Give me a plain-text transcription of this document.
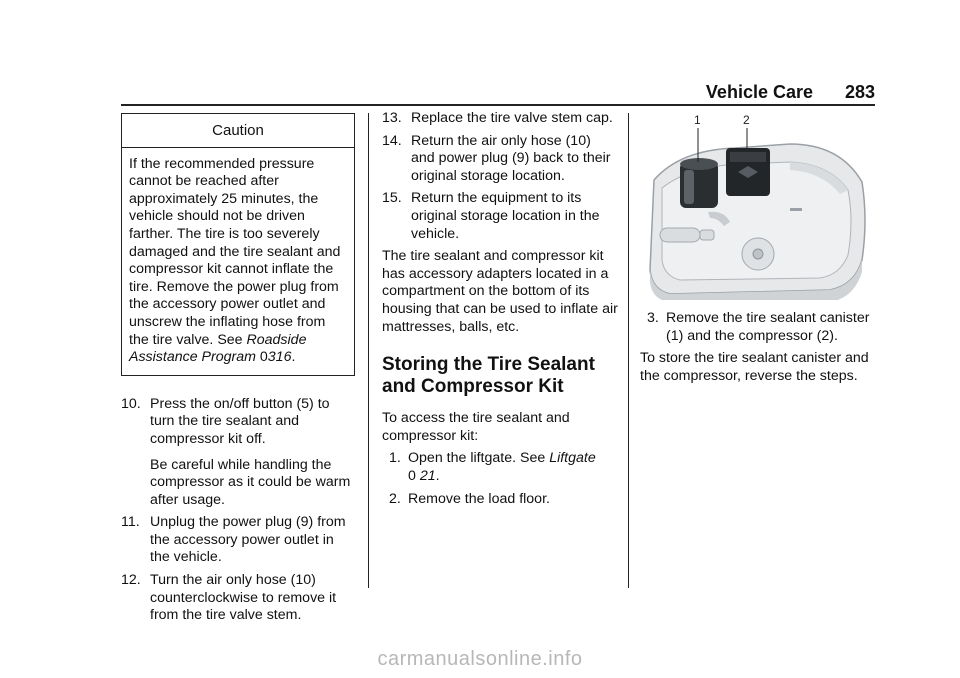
Vehicle Care 283
Caution
If the recommended pressure cannot be reached after approximately 25 minutes, the vehicle should not be driven farther. The tire is too severely damaged and the tire sealant and compressor kit cannot inflate the tire. Remove the power plug from the accessory power outlet and unscrew the inflating hose from the tire valve. See Roadside Assistance Program 0316.
10. Press the on/off button (5) to turn the tire sealant and compressor kit off.
Be careful while handling the compressor as it could be warm after usage.
11. Unplug the power plug (9) from the accessory power outlet in the vehicle.
12. Turn the air only hose (10) counterclockwise to remove it from the tire valve stem.
13. Replace the tire valve stem cap.
14. Return the air only hose (10) and power plug (9) back to their original storage location.
15. Return the equipment to its original storage location in the vehicle.

The tire sealant and compressor kit has accessory adapters located in a compartment on the bottom of its housing that can be used to inflate air mattresses, balls, etc.

Storing the Tire Sealant and Compressor Kit

To access the tire sealant and compressor kit:

1. Open the liftgate. See Liftgate
0 21.
2. Remove the load floor.
1	2
3. Remove the tire sealant canister (1) and the compressor (2).

To store the tire sealant canister and the compressor, reverse the steps.

carmanualsonline.info
